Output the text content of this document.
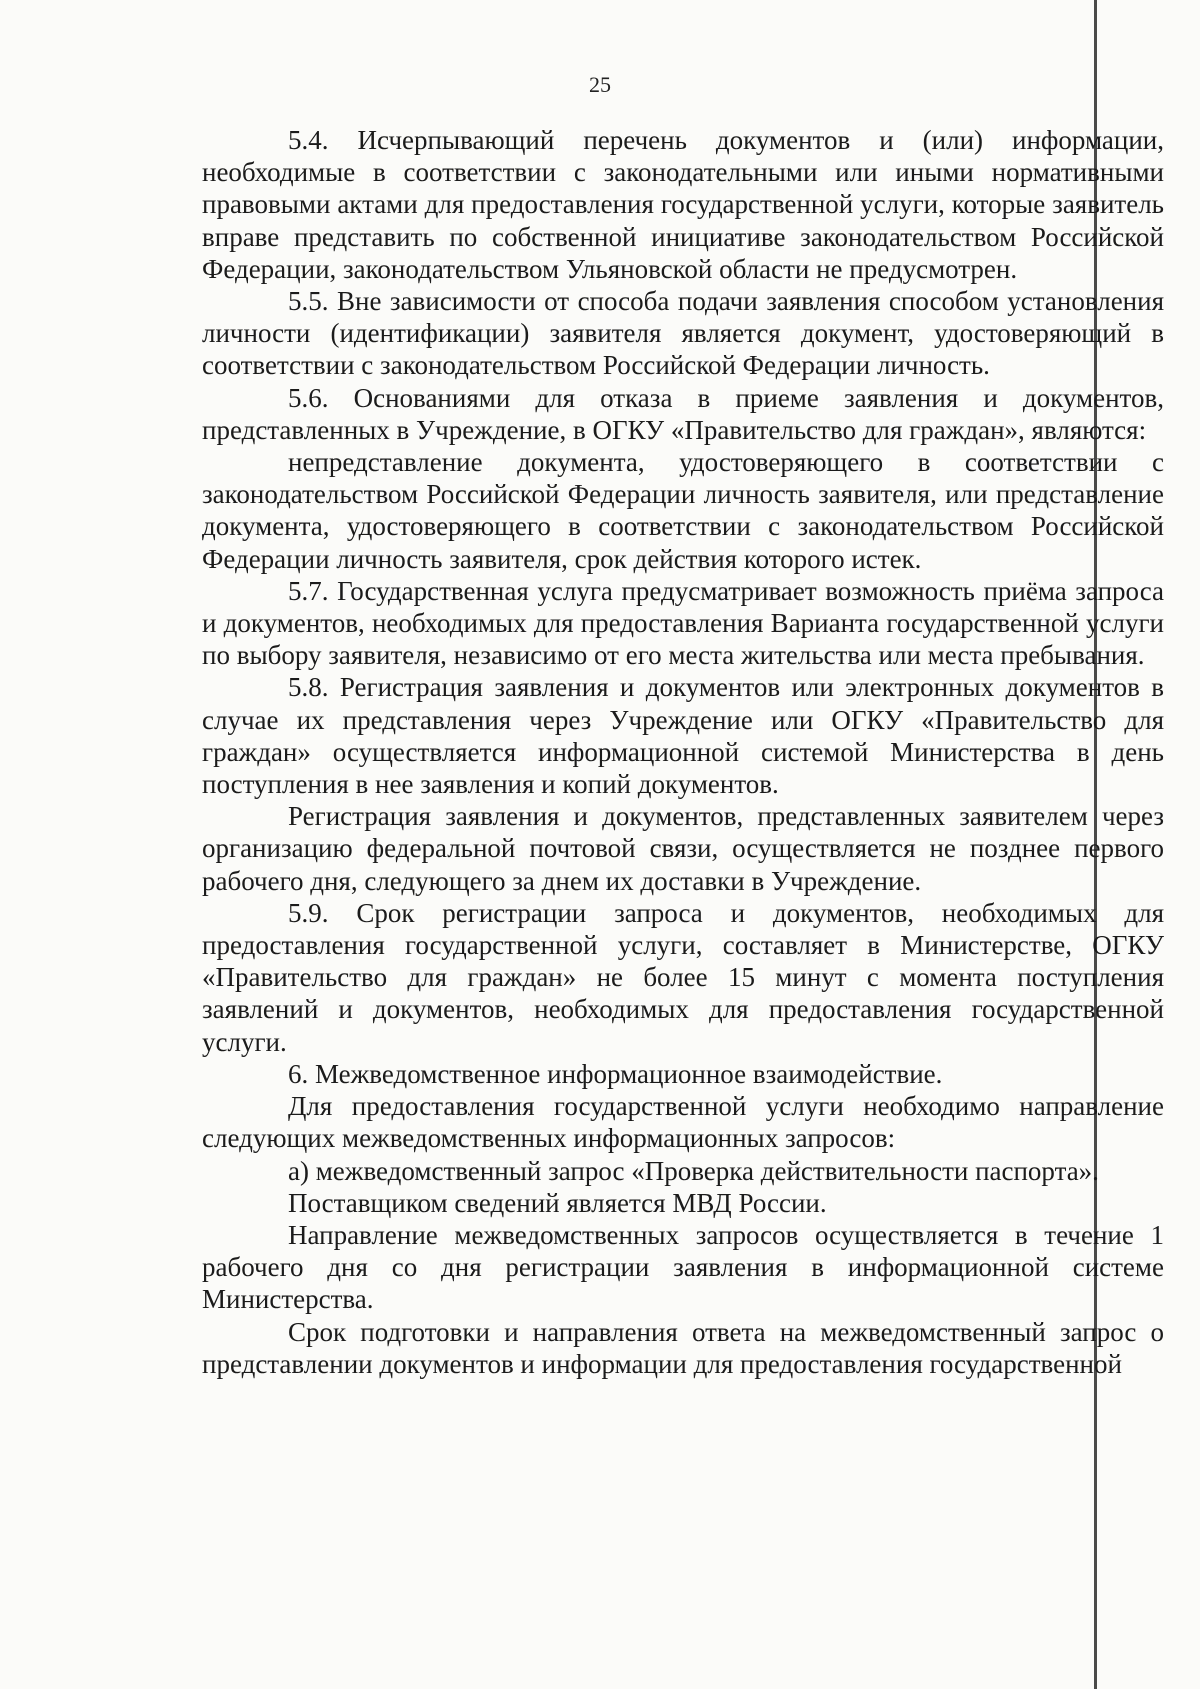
25

5.4. Исчерпывающий перечень документов и (или) информации, необходимые в соответствии с законодательными или иными нормативными правовыми актами для предоставления государственной услуги, которые заявитель вправе представить по собственной инициативе законодательством Российской Федерации, законодательством Ульяновской области не предусмотрен.

5.5. Вне зависимости от способа подачи заявления способом установления личности (идентификации) заявителя является документ, удостоверяющий в соответствии с законодательством Российской Федерации личность.

5.6. Основаниями для отказа в приеме заявления и документов, представленных в Учреждение, в ОГКУ «Правительство для граждан», являются:

непредставление документа, удостоверяющего в соответствии с законодательством Российской Федерации личность заявителя, или представление документа, удостоверяющего в соответствии с законодательством Российской Федерации личность заявителя, срок действия которого истек.

5.7. Государственная услуга предусматривает возможность приёма запроса и документов, необходимых для предоставления Варианта государственной услуги по выбору заявителя, независимо от его места жительства или места пребывания.

5.8. Регистрация заявления и документов или электронных документов в случае их представления через Учреждение или ОГКУ «Правительство для граждан» осуществляется информационной системой Министерства в день поступления в нее заявления и копий документов.

Регистрация заявления и документов, представленных заявителем через организацию федеральной почтовой связи, осуществляется не позднее первого рабочего дня, следующего за днем их доставки в Учреждение.

5.9. Срок регистрации запроса и документов, необходимых для предоставления государственной услуги, составляет в Министерстве, ОГКУ «Правительство для граждан» не более 15 минут с момента поступления заявлений и документов, необходимых для предоставления государственной услуги.

6. Межведомственное информационное взаимодействие.

Для предоставления государственной услуги необходимо направление следующих межведомственных информационных запросов:

а) межведомственный запрос «Проверка действительности паспорта».

Поставщиком сведений является МВД России.

Направление межведомственных запросов осуществляется в течение 1 рабочего дня со дня регистрации заявления в информационной системе Министерства.

Срок подготовки и направления ответа на межведомственный запрос о представлении документов и информации для предоставления государственной
